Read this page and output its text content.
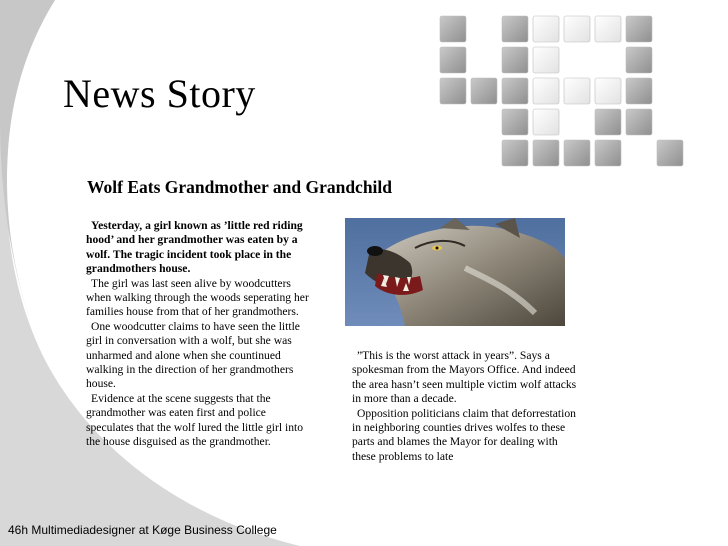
News Story
Wolf Eats Grandmother and Grandchild

Yesterday, a girl known as ’little red riding hood’ and her grandmother was eaten by a wolf. The tragic incident took place in the grandmothers house.

The girl was last seen alive by woodcutters when walking through the woods seperating her families house from that of her grandmothers.

One woodcutter claims to have seen the little girl in conversation with a wolf, but she was unharmed and alone when she countinued walking in the direction of her grandmothers house.

Evidence at the scene suggests that the grandmother was eaten first and police speculates that the wolf lured the little girl into the house disguised as the grandmother.

”This is the worst attack in years”. Says a spokesman from the Mayors Office. And indeed the area hasn’t seen multiple victim wolf attacks in more than a decade.

Opposition politicians claim that deforrestation in neighboring counties drives wolfes to these parts and blames the Mayor for dealing with these problems to late

46h Multimediadesigner at Køge Business College
